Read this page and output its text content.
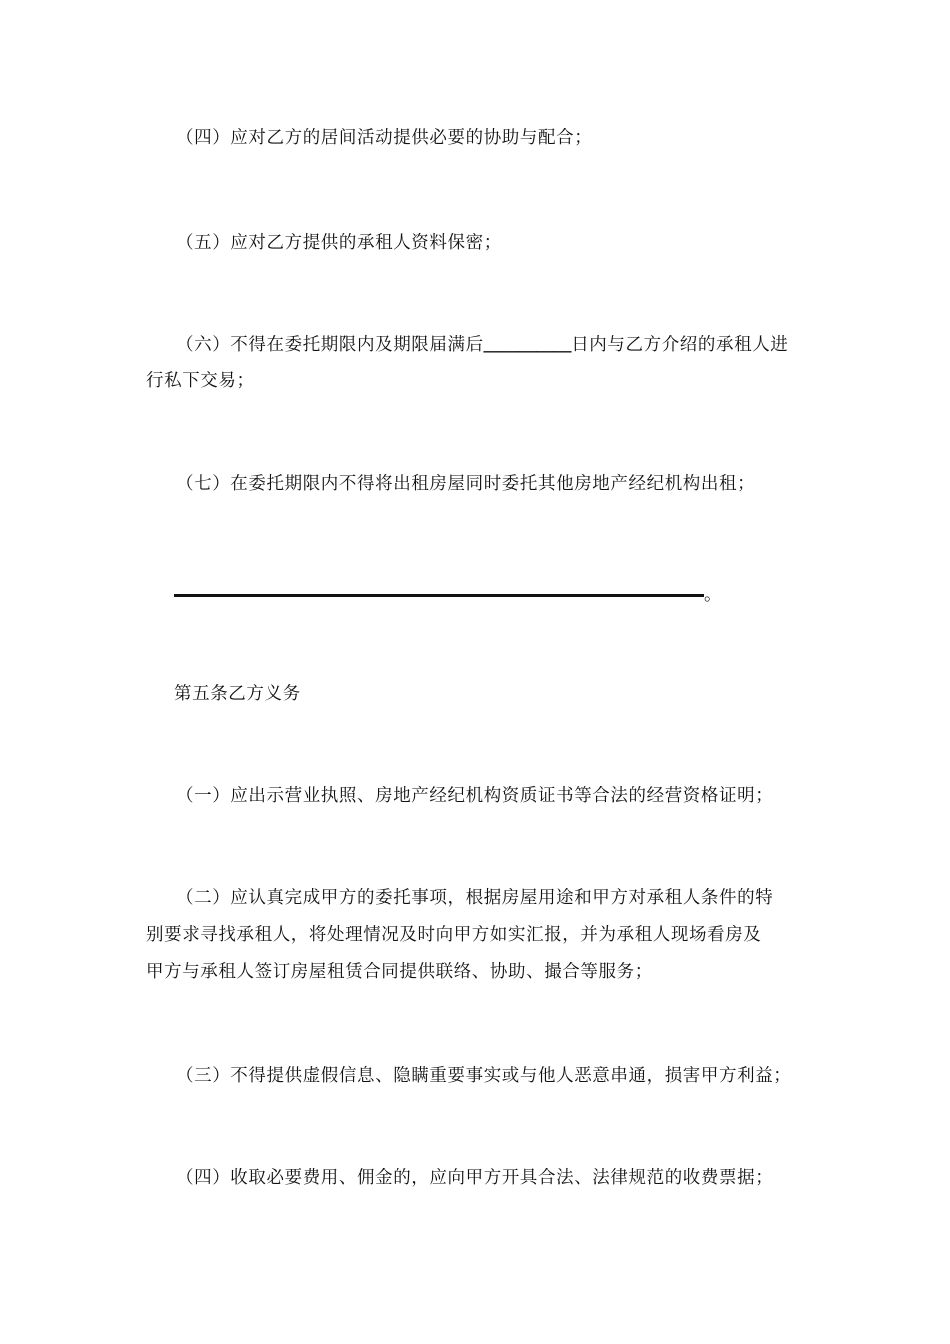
（四）应对乙方的居间活动提供必要的协助与配合；
（五）应对乙方提供的承租人资料保密；
（六）不得在委托期限内及期限届满后＿＿＿＿＿日内与乙方介绍的承租人进
行私下交易；
（七）在委托期限内不得将出租房屋同时委托其他房地产经纪机构出租；
。
第五条乙方义务
（一）应出示营业执照、房地产经纪机构资质证书等合法的经营资格证明；
（二）应认真完成甲方的委托事项，根据房屋用途和甲方对承租人条件的特
别要求寻找承租人，将处理情况及时向甲方如实汇报，并为承租人现场看房及
甲方与承租人签订房屋租赁合同提供联络、协助、撮合等服务；
（三）不得提供虚假信息、隐瞒重要事实或与他人恶意串通，损害甲方利益；
（四）收取必要费用、佣金的，应向甲方开具合法、法律规范的收费票据；
